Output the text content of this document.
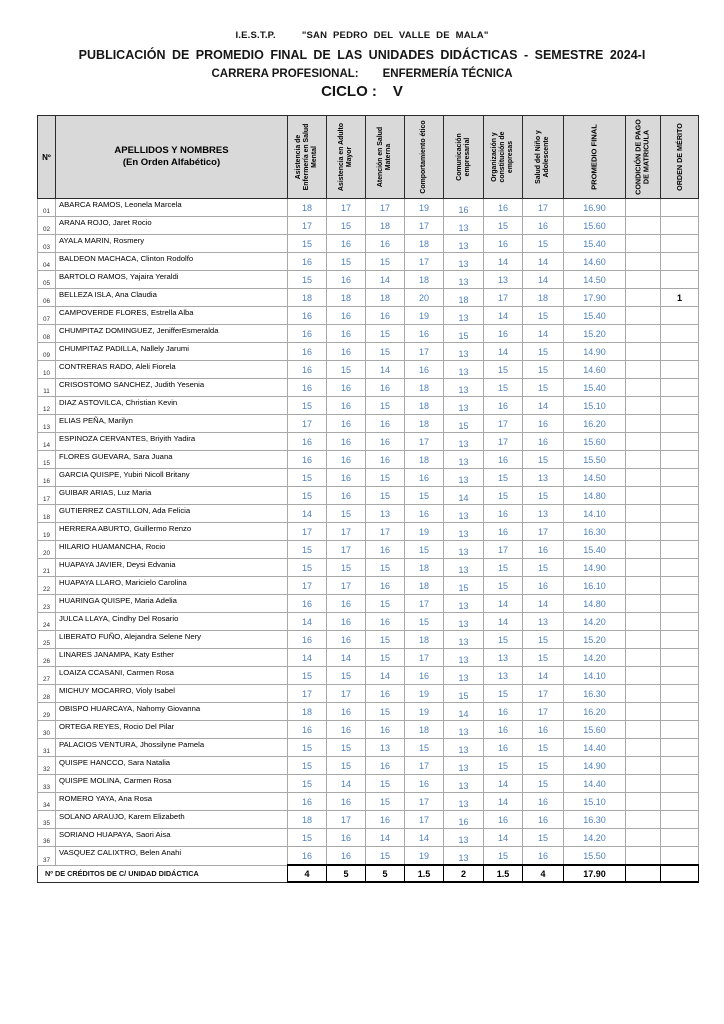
I.E.S.T.P.	"SAN PEDRO DEL VALLE DE MALA"
PUBLICACIÓN DE PROMEDIO FINAL DE LAS UNIDADES DIDÁCTICAS - SEMESTRE 2024-I
CARRERA PROFESIONAL: ENFERMERÍA TÉCNICA
CICLO : V
Nº	APELLIDOS Y NOMBRES
(En Orden Alfabético)	Asistencia de Enfermería en Salud Mental	Asistencia en Adulto Mayor	Atención en Salud Materna	Comportamiento ético	Comunicación empresarial	Organización y constitución de empresas	Salud del Niño y Adolescente	PROMEDIO FINAL	CONDICIÓN DE PAGO DE MATRICULA	ORDEN DE MÉRITO

01	ABARCA RAMOS, Leonela Marcela	18	17	17	19	16	16	17	16.90		
02	ARANA ROJO, Jaret Rocio	17	15	18	17	13	15	16	15.60		
03	AYALA MARIN, Rosmery	15	16	16	18	13	16	15	15.40		
04	BALDEON MACHACA, Clinton Rodolfo	16	15	15	17	13	14	14	14.60		
05	BARTOLO RAMOS, Yajaira Yeraldi	15	16	14	18	13	13	14	14.50		
06	BELLEZA ISLA, Ana Claudia	18	18	18	20	18	17	18	17.90		1
07	CAMPOVERDE FLORES, Estrella Alba	16	16	16	19	13	14	15	15.40		
08	CHUMPITAZ DOMINGUEZ, JenifferEsmeralda	16	16	15	16	15	16	14	15.20		
09	CHUMPITAZ PADILLA, Nallely Jarumi	16	16	15	17	13	14	15	14.90		
10	CONTRERAS RADO, Aleli Fiorela	16	15	14	16	13	15	15	14.60		
11	CRISOSTOMO SANCHEZ, Judith Yesenia	16	16	16	18	13	15	15	15.40		
12	DIAZ ASTOVILCA, Christian Kevin	15	16	15	18	13	16	14	15.10		
13	ELIAS PEÑA, Marilyn	17	16	16	18	15	17	16	16.20		
14	ESPINOZA CERVANTES, Briyith Yadira	16	16	16	17	13	17	16	15.60		
15	FLORES GUEVARA, Sara Juana	16	16	16	18	13	16	15	15.50		
16	GARCIA QUISPE, Yubiri Nicoll Britany	15	16	15	16	13	15	13	14.50		
17	GUIBAR ARIAS, Luz Maria	15	16	15	15	14	15	15	14.80		
18	GUTIERREZ CASTILLON, Ada Felicia	14	15	13	16	13	16	13	14.10		
19	HERRERA ABURTO, Guillermo Renzo	17	17	17	19	13	16	17	16.30		
20	HILARIO HUAMANCHA, Rocio	15	17	16	15	13	17	16	15.40		
21	HUAPAYA JAVIER, Deysi Edvania	15	15	15	18	13	15	15	14.90		
22	HUAPAYA LLARO, Maricielo Carolina	17	17	16	18	15	15	16	16.10		
23	HUARINGA QUISPE, Maria Adelia	16	16	15	17	13	14	14	14.80		
24	JULCA LLAYA, Cindhy Del Rosario	14	16	16	15	13	14	13	14.20		
25	LIBERATO FUÑO, Alejandra Selene Nery	16	16	15	18	13	15	15	15.20		
26	LINARES JANAMPA, Katy Esther	14	14	15	17	13	13	15	14.20		
27	LOAIZA CCASANI, Carmen Rosa	15	15	14	16	13	13	14	14.10		
28	MICHUY MOCARRO, Violy Isabel	17	17	16	19	15	15	17	16.30		
29	OBISPO HUARCAYA, Nahomy Giovanna	18	16	15	19	14	16	17	16.20		
30	ORTEGA REYES, Rocio Del Pilar	16	16	16	18	13	16	16	15.60		
31	PALACIOS VENTURA, Jhossilyne Pamela	15	15	13	15	13	16	15	14.40		
32	QUISPE HANCCO, Sara Natalia	15	15	16	17	13	15	15	14.90		
33	QUISPE MOLINA, Carmen Rosa	15	14	15	16	13	14	15	14.40		
34	ROMERO YAYA, Ana Rosa	16	16	15	17	13	14	16	15.10		
35	SOLANO ARAUJO, Karem Elizabeth	18	17	16	17	16	16	16	16.30		
36	SORIANO HUAPAYA, Saori Aisa	15	16	14	14	13	14	15	14.20		
37	VASQUEZ CALIXTRO, Belen Anahi	16	16	15	19	13	15	16	15.50		
Nº DE CRÉDITOS DE C/ UNIDAD DIDÁCTICA		4	5	5	1.5	2	1.5	4	17.90		
